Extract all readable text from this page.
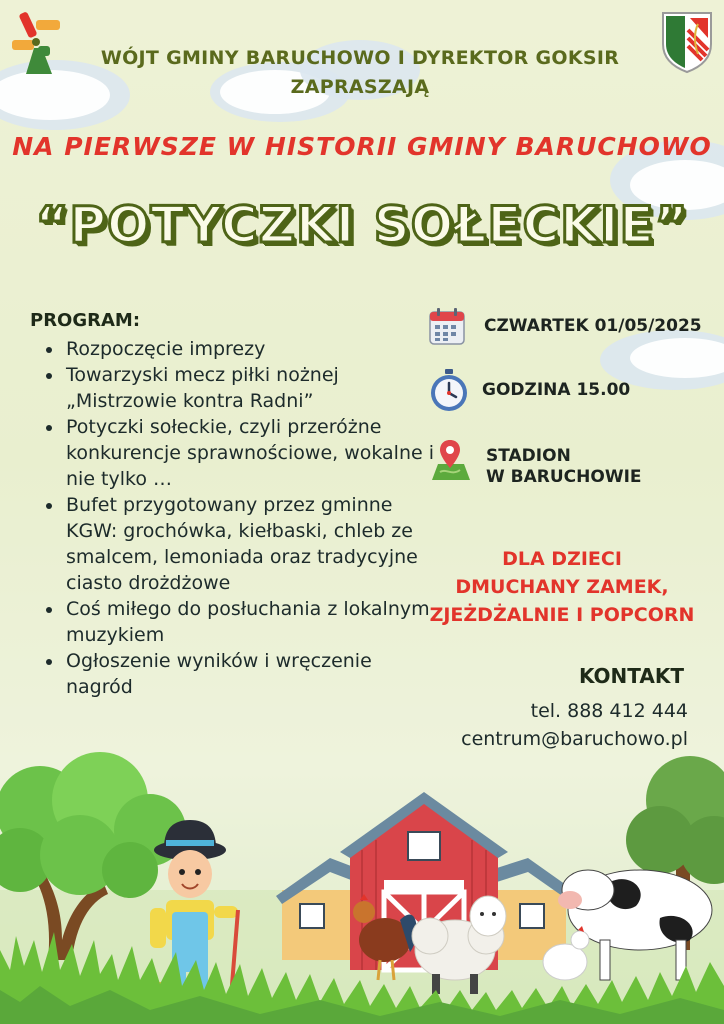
WÓJT GMINY BARUCHOWO I DYREKTOR GOKSIR
ZAPRASZAJĄ
NA PIERWSZE W HISTORII GMINY BARUCHOWO
“POTYCZKI SOŁECKIE”
PROGRAM:
• Rozpoczęcie imprezy
• Towarzyski mecz piłki nożnej „Mistrzowie kontra Radni”
• Potyczki sołeckie, czyli przeróżne konkurencje sprawnościowe, wokalne i nie tylko …
• Bufet przygotowany przez gminne KGW: grochówka, kiełbaski, chleb ze smalcem, lemoniada oraz tradycyjne ciasto drożdżowe
• Coś miłego do posłuchania z lokalnym muzykiem
• Ogłoszenie wyników i wręczenie nagród
CZWARTEK 01/05/2025
GODZINA 15.00
STADION
W BARUCHOWIE
DLA DZIECI
DMUCHANY ZAMEK,
ZJEŻDŻALNIE I POPCORN
KONTAKT
tel. 888 412 444
centrum@baruchowo.pl
